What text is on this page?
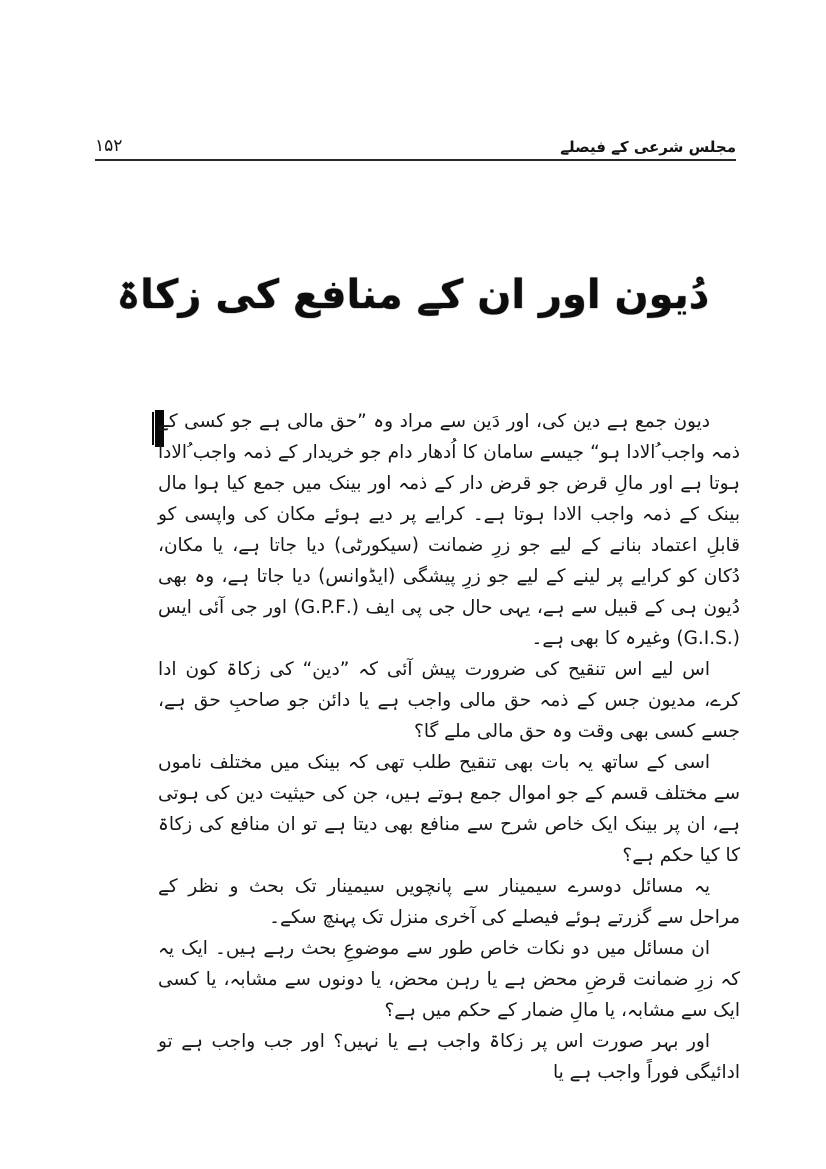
۱۵۲	مجلس شرعی کے فیصلے
دُیون اور ان کے منافع کی زکاۃ

دیون جمع ہے دین کی، اور دَین سے مراد وہ ”حق مالی ہے جو کسی کے ذمہ واجب ُالادا ہو“ جیسے سامان کا اُدھار دام جو خریدار کے ذمہ واجب ُالادا ہوتا ہے اور مالِ قرض جو قرض دار کے ذمہ اور بینک میں جمع کیا ہوا مال بینک کے ذمہ واجب الادا ہوتا ہے۔ کرایے پر دیے ہوئے مکان کی واپسی کو قابلِ اعتماد بنانے کے لیے جو زرِ ضمانت (سیکورٹی) دیا جاتا ہے، یا مکان، دُکان کو کرایے پر لینے کے لیے جو زرِ پیشگی (ایڈوانس) دیا جاتا ہے، وہ بھی دُیون ہی کے قبیل سے ہے، یہی حال جی پی ایف (.G.P.F) اور جی آئی ایس (.G.I.S) وغیرہ کا بھی ہے۔

اس لیے اس تنقیح کی ضرورت پیش آئی کہ ”دین“ کی زکاۃ کون ادا کرے، مدیون جس کے ذمہ حق مالی واجب ہے یا دائن جو صاحبِ حق ہے، جسے کسی بھی وقت وہ حق مالی ملے گا؟

اسی کے ساتھ یہ بات بھی تنقیح طلب تھی کہ بینک میں مختلف ناموں سے مختلف قسم کے جو اموال جمع ہوتے ہیں، جن کی حیثیت دین کی ہوتی ہے، ان پر بینک ایک خاص شرح سے منافع بھی دیتا ہے تو ان منافع کی زکاۃ کا کیا حکم ہے؟

یہ مسائل دوسرے سیمینار سے پانچویں سیمینار تک بحث و نظر کے مراحل سے گزرتے ہوئے فیصلے کی آخری منزل تک پہنچ سکے۔

ان مسائل میں دو نکات خاص طور سے موضوعِ بحث رہے ہیں۔ ایک یہ کہ زرِ ضمانت قرضِ محض ہے یا رہن محض، یا دونوں سے مشابہ، یا کسی ایک سے مشابہ، یا مالِ ضمار کے حکم میں ہے؟

اور بہر صورت اس پر زکاۃ واجب ہے یا نہیں؟ اور جب واجب ہے تو ادائیگی فوراً واجب ہے یا
